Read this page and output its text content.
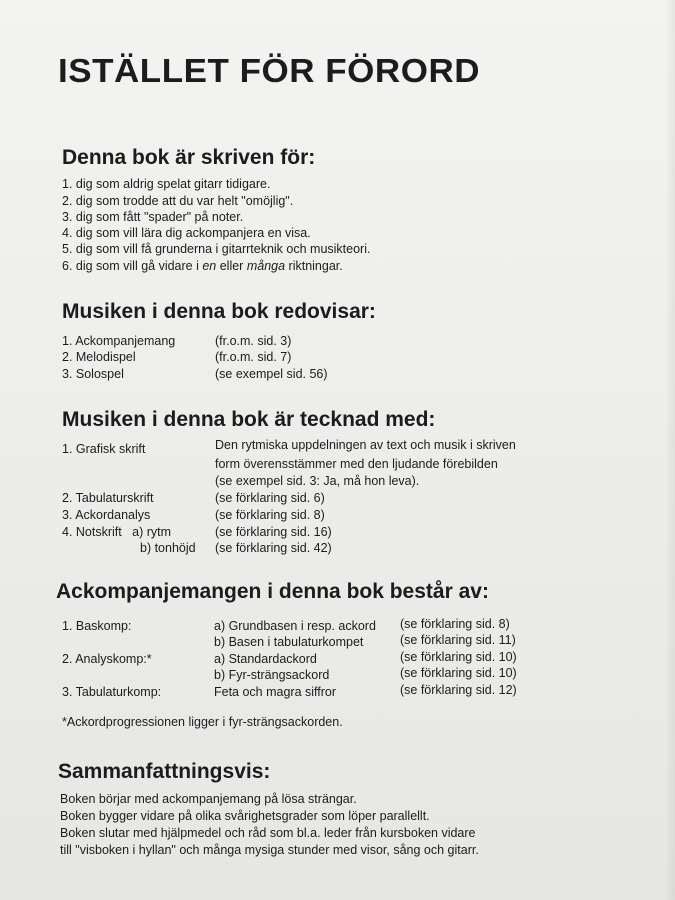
ISTÄLLET FÖR FÖRORD
Denna bok är skriven för:
1. dig som aldrig spelat gitarr tidigare.
2. dig som trodde att du var helt "omöjlig".
3. dig som fått "spader" på noter.
4. dig som vill lära dig ackompanjera en visa.
5. dig som vill få grunderna i gitarrteknik och musikteori.
6. dig som vill gå vidare i en eller många riktningar.
Musiken i denna bok redovisar:
1. Ackompanjemang	(fr.o.m. sid. 3)
2. Melodispel	(fr.o.m. sid. 7)
3. Solospel	(se exempel sid. 56)
Musiken i denna bok är tecknad med:
1. Grafisk skrift	Den rytmiska uppdelningen av text och musik i skriven
form överensstämmer med den ljudande förebilden
(se exempel sid. 3: Ja, må hon leva).
2. Tabulaturskrift	(se förklaring sid. 6)
3. Ackordanalys	(se förklaring sid. 8)
4. Notskrift   a) rytm	(se förklaring sid. 16)
b) tonhöjd (se förklaring sid. 42)
Ackompanjemangen i denna bok består av:
1. Baskomp:	a) Grundbasen i resp. ackord (se förklaring sid. 8)
b) Basen i tabulaturkompet	(se förklaring sid. 11)
2. Analyskomp:*	a) Standardackord	(se förklaring sid. 10)
b) Fyr-strängsackord	(se förklaring sid. 10)
3. Tabulaturkomp:	Feta och magra siffror	(se förklaring sid. 12)
*Ackordprogressionen ligger i fyr-strängsackorden.
Sammanfattningsvis:
Boken börjar med ackompanjemang på lösa strängar.
Boken bygger vidare på olika svårighetsgrader som löper parallellt.
Boken slutar med hjälpmedel och råd som bl.a. leder från kursboken vidare
till "visboken i hyllan" och många mysiga stunder med visor, sång och gitarr.
